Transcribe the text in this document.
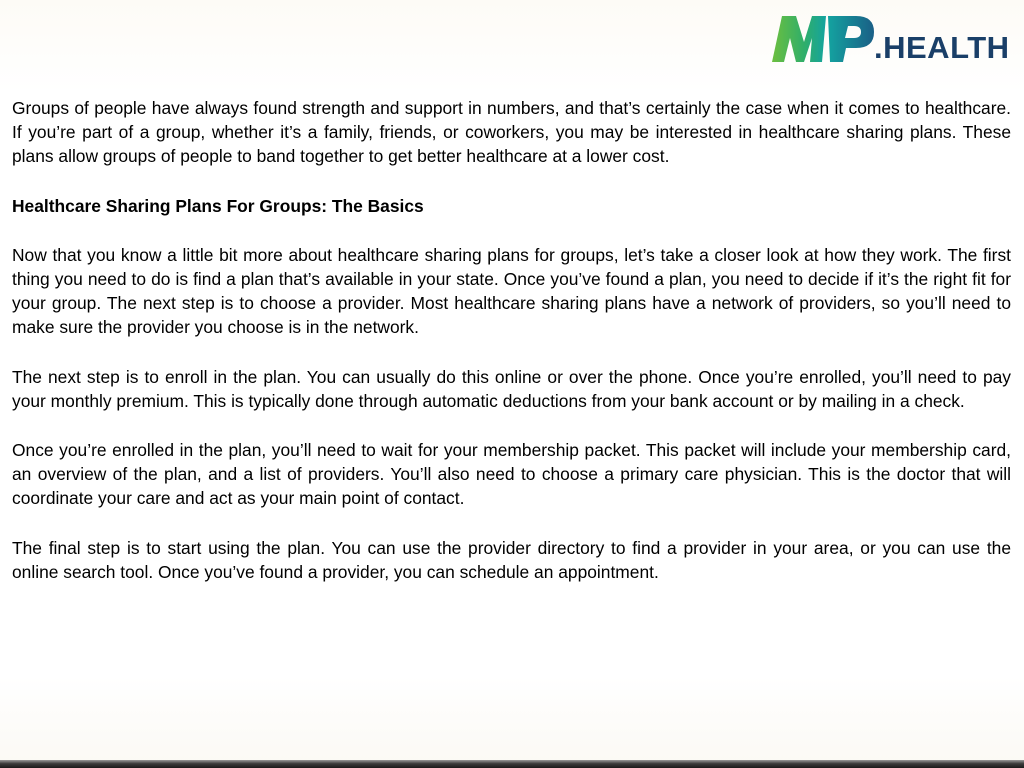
.HEALTH

Groups of people have always found strength and support in numbers, and that’s certainly the case when it comes to healthcare. If you’re part of a group, whether it’s a family, friends, or coworkers, you may be interested in healthcare sharing plans. These plans allow groups of people to band together to get better healthcare at a lower cost.

Healthcare Sharing Plans For Groups: The Basics

Now that you know a little bit more about healthcare sharing plans for groups, let’s take a closer look at how they work. The first thing you need to do is find a plan that’s available in your state. Once you’ve found a plan, you need to decide if it’s the right fit for your group. The next step is to choose a provider. Most healthcare sharing plans have a network of providers, so you’ll need to make sure the provider you choose is in the network.

The next step is to enroll in the plan. You can usually do this online or over the phone. Once you’re enrolled, you’ll need to pay your monthly premium. This is typically done through automatic deductions from your bank account or by mailing in a check.

Once you’re enrolled in the plan, you’ll need to wait for your membership packet. This packet will include your membership card, an overview of the plan, and a list of providers. You’ll also need to choose a primary care physician. This is the doctor that will coordinate your care and act as your main point of contact.

The final step is to start using the plan. You can use the provider directory to find a provider in your area, or you can use the online search tool. Once you’ve found a provider, you can schedule an appointment.
